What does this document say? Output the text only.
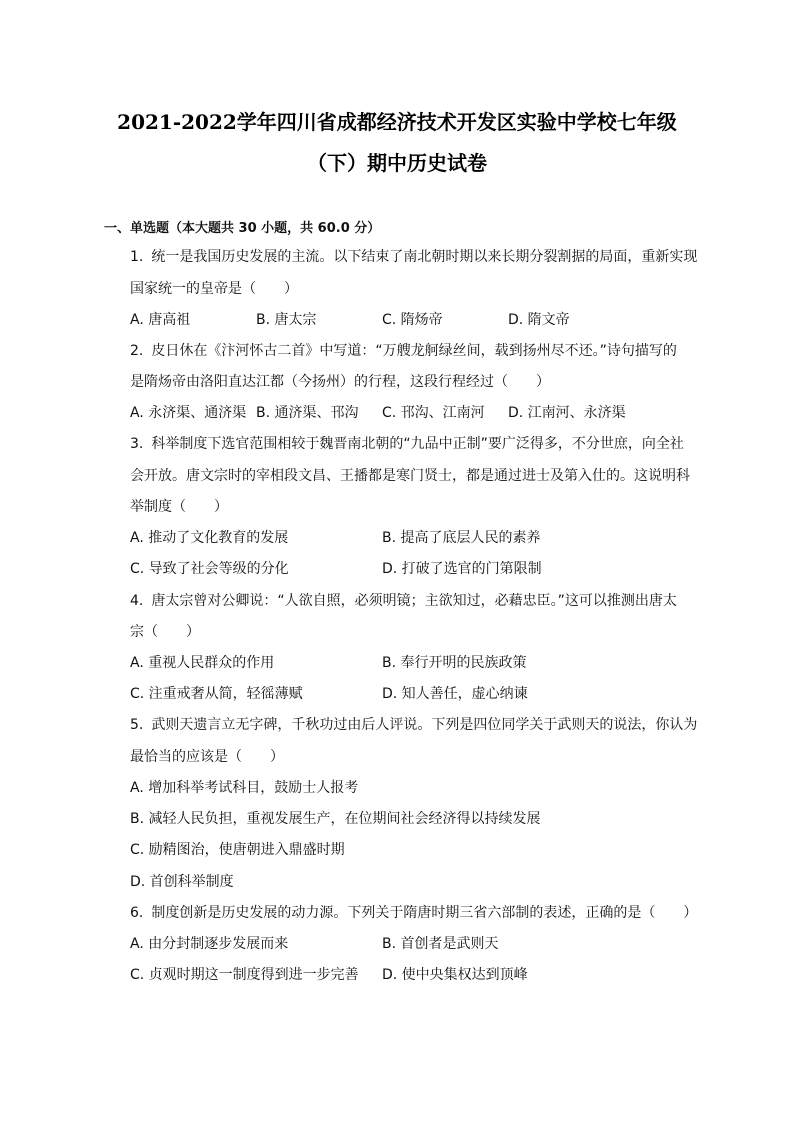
2021-2022学年四川省成都经济技术开发区实验中学校七年级
（下）期中历史试卷
一、单选题（本大题共 30 小题，共 60.0 分）
1. 统一是我国历史发展的主流。以下结束了南北朝时期以来长期分裂割据的局面，重新实现
国家统一的皇帝是（　　）
A. 唐高祖	B. 唐太宗	C. 隋炀帝	D. 隋文帝
2. 皮日休在《汴河怀古二首》中写道：“万艘龙舸绿丝间，载到扬州尽不还。”诗句描写的
是隋炀帝由洛阳直达江都（今扬州）的行程，这段行程经过（　　）
A. 永济渠、通济渠 B. 通济渠、邗沟 C. 邗沟、江南河 D. 江南河、永济渠
3. 科举制度下选官范围相较于魏晋南北朝的“九品中正制”要广泛得多，不分世庶，向全社
会开放。唐文宗时的宰相段文昌、王播都是寒门贤士，都是通过进士及第入仕的。这说明科
举制度（　　）
A. 推动了文化教育的发展	B. 提高了底层人民的素养
C. 导致了社会等级的分化	D. 打破了选官的门第限制
4. 唐太宗曾对公卿说：“人欲自照，必须明镜；主欲知过，必藉忠臣。”这可以推测出唐太
宗（　　）
A. 重视人民群众的作用	B. 奉行开明的民族政策
C. 注重戒奢从简，轻徭薄赋	D. 知人善任，虚心纳谏
5. 武则天遗言立无字碑，千秋功过由后人评说。下列是四位同学关于武则天的说法，你认为
最恰当的应该是（　　）
A. 增加科举考试科目，鼓励士人报考
B. 减轻人民负担，重视发展生产，在位期间社会经济得以持续发展
C. 励精图治，使唐朝进入鼎盛时期
D. 首创科举制度
6. 制度创新是历史发展的动力源。下列关于隋唐时期三省六部制的表述，正确的是（　　）
A. 由分封制逐步发展而来	B. 首创者是武则天
C. 贞观时期这一制度得到进一步完善 D. 使中央集权达到顶峰
